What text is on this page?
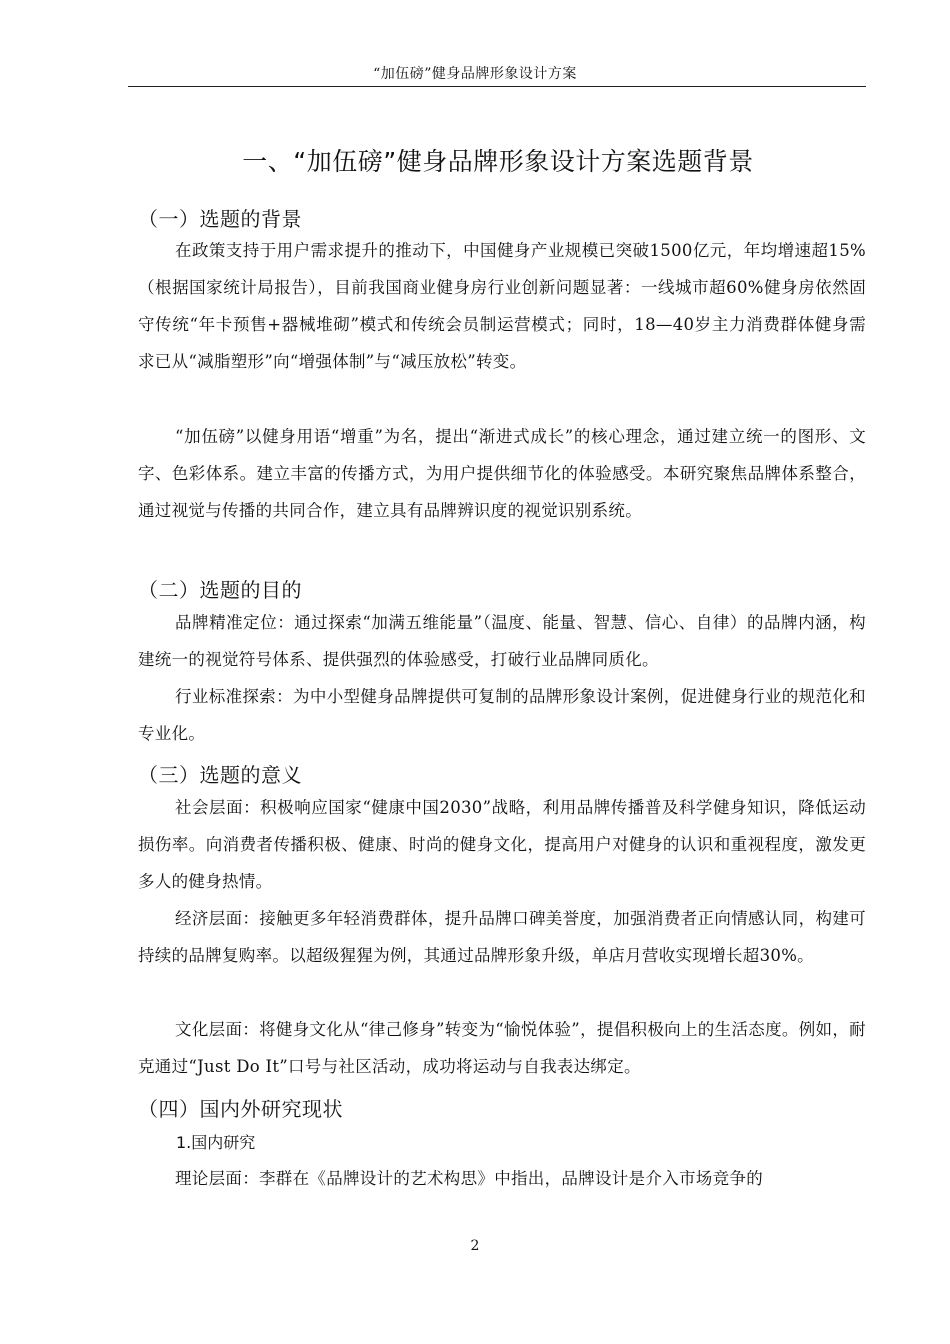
“加伍磅”健身品牌形象设计方案
一、“加伍磅”健身品牌形象设计方案选题背景
（一）选题的背景

在政策支持于用户需求提升的推动下，中国健身产业规模已突破1500亿元，年均增速超15%（根据国家统计局报告），目前我国商业健身房行业创新问题显著：一线城市超60%健身房依然固守传统“年卡预售+器械堆砌”模式和传统会员制运营模式；同时，18—40岁主力消费群体健身需求已从“减脂塑形”向“增强体制”与“减压放松”转变。

“加伍磅”以健身用语“增重”为名，提出“渐进式成长”的核心理念，通过建立统一的图形、文字、色彩体系。建立丰富的传播方式，为用户提供细节化的体验感受。本研究聚焦品牌体系整合，通过视觉与传播的共同合作，建立具有品牌辨识度的视觉识别系统。

（二）选题的目的

品牌精准定位：通过探索“加满五维能量”（温度、能量、智慧、信心、自律）的品牌内涵，构建统一的视觉符号体系、提供强烈的体验感受，打破行业品牌同质化。

行业标准探索：为中小型健身品牌提供可复制的品牌形象设计案例，促进健身行业的规范化和专业化。

（三）选题的意义

社会层面：积极响应国家“健康中国2030”战略，利用品牌传播普及科学健身知识，降低运动损伤率。向消费者传播积极、健康、时尚的健身文化，提高用户对健身的认识和重视程度，激发更多人的健身热情。

经济层面：接触更多年轻消费群体，提升品牌口碑美誉度，加强消费者正向情感认同，构建可持续的品牌复购率。以超级猩猩为例，其通过品牌形象升级，单店月营收实现增长超30%。

文化层面：将健身文化从“律己修身”转变为“愉悦体验”，提倡积极向上的生活态度。例如，耐克通过“Just Do It”口号与社区活动，成功将运动与自我表达绑定。

（四）国内外研究现状
1.国内研究

理论层面：李群在《品牌设计的艺术构思》中指出，品牌设计是介入市场竞争的

2
